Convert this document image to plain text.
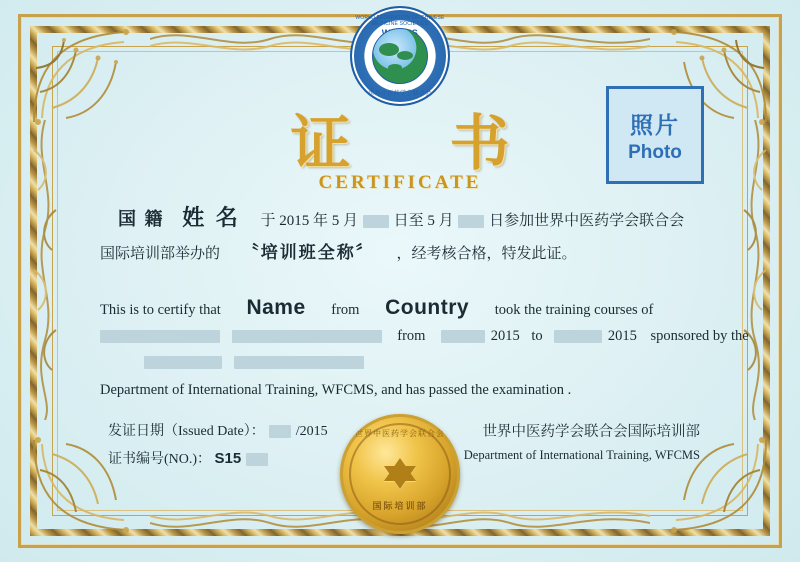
WORLD FEDERATION OF CHINESE MEDICINE SOCIETIES
世界中医药学会联合会
证 书
CERTIFICATE
照片
Photo
国 籍 姓 名 于 2015 年 5 月 日至 5 月 日参加世界中医药学会联合会
国际培训部举办的 〝培训班全称〞 ，经考核合格，特发此证。
This is to certify that Name from Country took the training courses of
from	2015 to	2015 sponsored by the

Department of International Training, WFCMS, and has passed the examination .
发证日期（Issued Date）： /2015
证书编号(NO.)： S15
世界中医药学会联合会国际培训部
Department of International Training, WFCMS
世界中医药学会联合会
国际培训部
